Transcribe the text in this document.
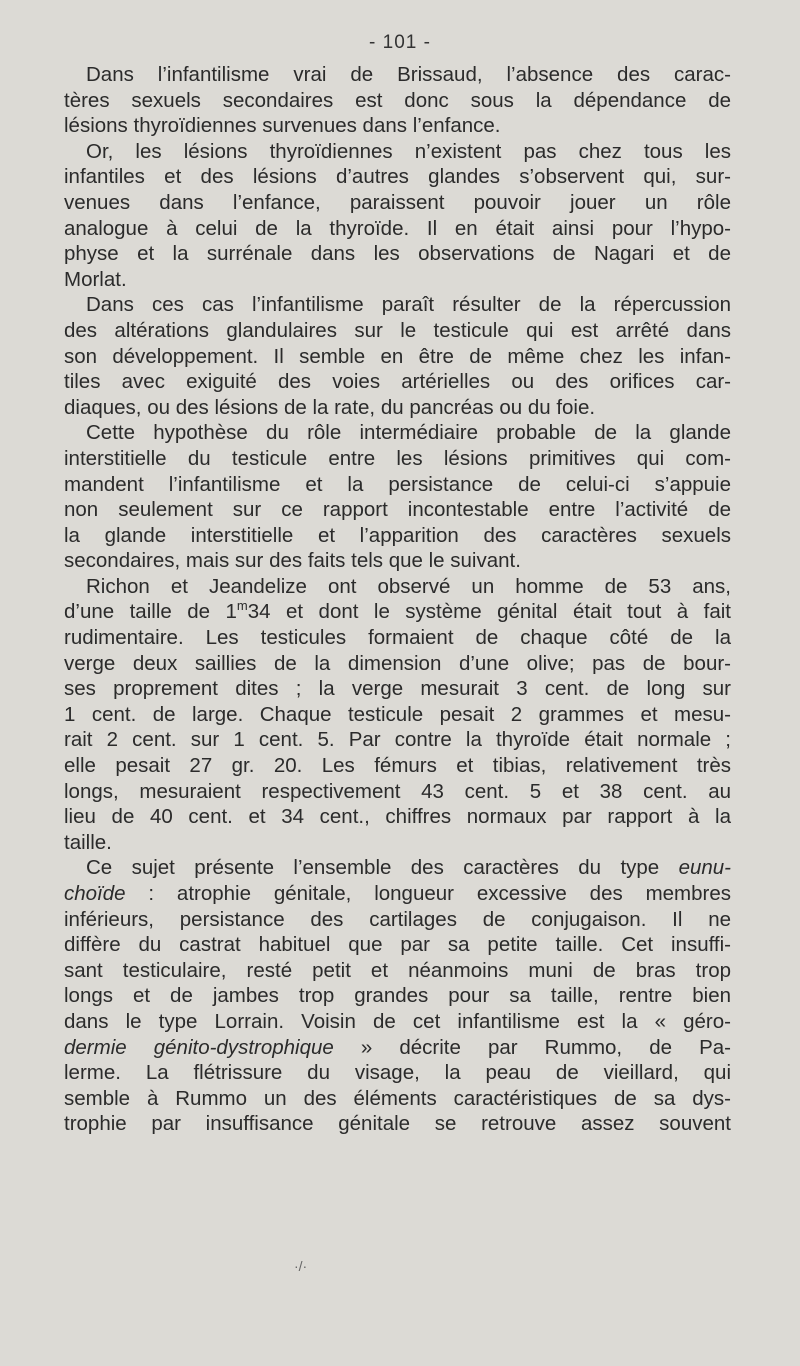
- 101 -
Dans l’infantilisme vrai de Brissaud, l’absence des carac-
tères sexuels secondaires est donc sous la dépendance de
lésions thyroïdiennes survenues dans l’enfance.
Or, les lésions thyroïdiennes n’existent pas chez tous les
infantiles et des lésions d’autres glandes s’observent qui, sur-
venues dans l’enfance, paraissent pouvoir jouer un rôle
analogue à celui de la thyroïde. Il en était ainsi pour l’hypo-
physe et la surrénale dans les observations de Nagari et de
Morlat.
Dans ces cas l’infantilisme paraît résulter de la répercussion
des altérations glandulaires sur le testicule qui est arrêté dans
son développement. Il semble en être de même chez les infan-
tiles avec exiguité des voies artérielles ou des orifices car-
diaques, ou des lésions de la rate, du pancréas ou du foie.
Cette hypothèse du rôle intermédiaire probable de la glande
interstitielle du testicule entre les lésions primitives qui com-
mandent l’infantilisme et la persistance de celui-ci s’appuie
non seulement sur ce rapport incontestable entre l’activité de
la glande interstitielle et l’apparition des caractères sexuels
secondaires, mais sur des faits tels que le suivant.
Richon et Jeandelize ont observé un homme de 53 ans,
d’une taille de 1$^m$34 et dont le système génital était tout à fait
rudimentaire. Les testicules formaient de chaque côté de la
verge deux saillies de la dimension d’une olive; pas de bour-
ses proprement dites ; la verge mesurait 3 cent. de long sur
1 cent. de large. Chaque testicule pesait 2 grammes et mesu-
rait 2 cent. sur 1 cent. 5. Par contre la thyroïde était normale ;
elle pesait 27 gr. 20. Les fémurs et tibias, relativement très
longs, mesuraient respectivement 43 cent. 5 et 38 cent. au
lieu de 40 cent. et 34 cent., chiffres normaux par rapport à la
taille.
Ce sujet présente l’ensemble des caractères du type eunu-
choïde : atrophie génitale, longueur excessive des membres
inférieurs, persistance des cartilages de conjugaison. Il ne
diffère du castrat habituel que par sa petite taille. Cet insuffi-
sant testiculaire, resté petit et néanmoins muni de bras trop
longs et de jambes trop grandes pour sa taille, rentre bien
dans le type Lorrain. Voisin de cet infantilisme est la « géro-
dermie génito-dystrophique » décrite par Rummo, de Pa-
lerme. La flétrissure du visage, la peau de vieillard, qui
semble à Rummo un des éléments caractéristiques de sa dys-
trophie par insuffisance génitale se retrouve assez souvent
·/·
